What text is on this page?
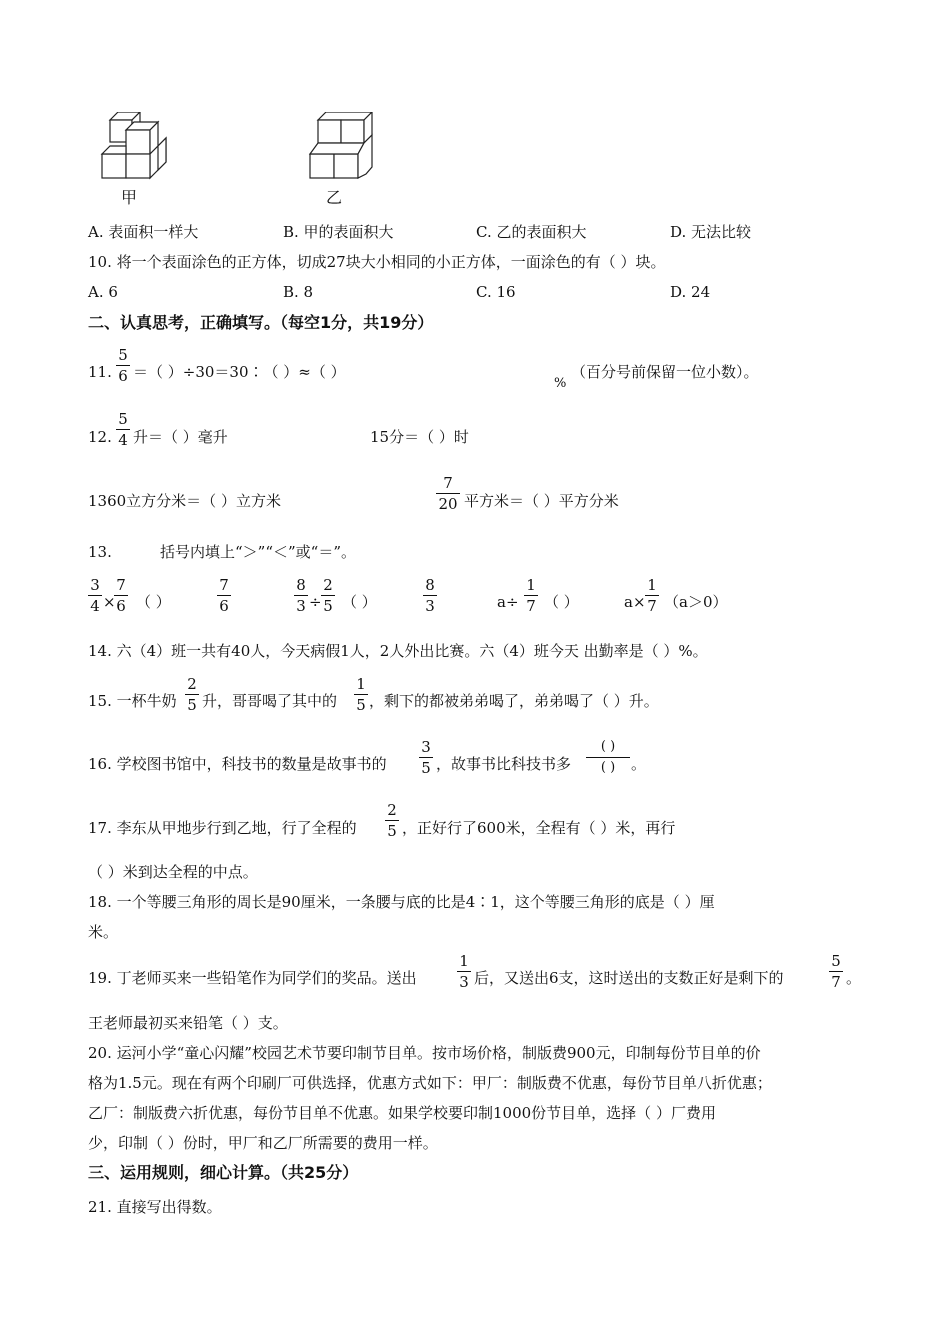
甲	乙
A. 表面积一样大	B. 甲的表面积大	C. 乙的表面积大	D. 无法比较
10. 将一个表面涂色的正方体，切成27块大小相同的小正方体，一面涂色的有（ ）块。
A. 6	B. 8	C. 16	D. 24
二、认真思考，正确填写。（每空1分，共19分）
11.
5
6 ＝（ ）÷30＝30∶（ ）≈（ ）
%
（百分号前保留一位小数）。
12.
5
4 升＝（ ）毫升	15分＝（ ）时
1360立方分米＝（ ）立方米
7
20 平方米＝（ ）平方分米
13.	括号内填上“＞”“＜”或“＝”。
3
4 ×
7
6 （ ）
7
6
8
3 ÷
2
5 （ ）
8
3	a÷
1
7 （ ）	a×
1
7 （a＞0）
14. 六（4）班一共有40人，今天病假1人，2人外出比赛。六（4）班今天 出勤率是（ ）%。
15. 一杯牛奶
2
5 升，哥哥喝了其中的
1
5 ，剩下的都被弟弟喝了，弟弟喝了（ ）升。
16. 学校图书馆中，科技书的数量是故事书的
3
5 ，故事书比科技书多
( )
( )	。
17. 李东从甲地步行到乙地，行了全程的
2
5 ，正好行了600米，全程有（ ）米，再行
（ ）米到达全程的中点。
18. 一个等腰三角形的周长是90厘米，一条腰与底的比是4∶1，这个等腰三角形的底是（ ）厘
米。
19. 丁老师买来一些铅笔作为同学们的奖品。送出
1
3 后，又送出6支，这时送出的支数正好是剩下的
5
7 。
王老师最初买来铅笔（ ）支。
20. 运河小学“童心闪耀”校园艺术节要印制节目单。按市场价格，制版费900元，印制每份节目单的价
格为1.5元。现在有两个印刷厂可供选择，优惠方式如下：甲厂：制版费不优惠，每份节目单八折优惠；
乙厂：制版费六折优惠，每份节目单不优惠。如果学校要印制1000份节目单，选择（ ）厂费用
少，印制（ ）份时，甲厂和乙厂所需要的费用一样。
三、运用规则，细心计算。（共25分）
21. 直接写出得数。
